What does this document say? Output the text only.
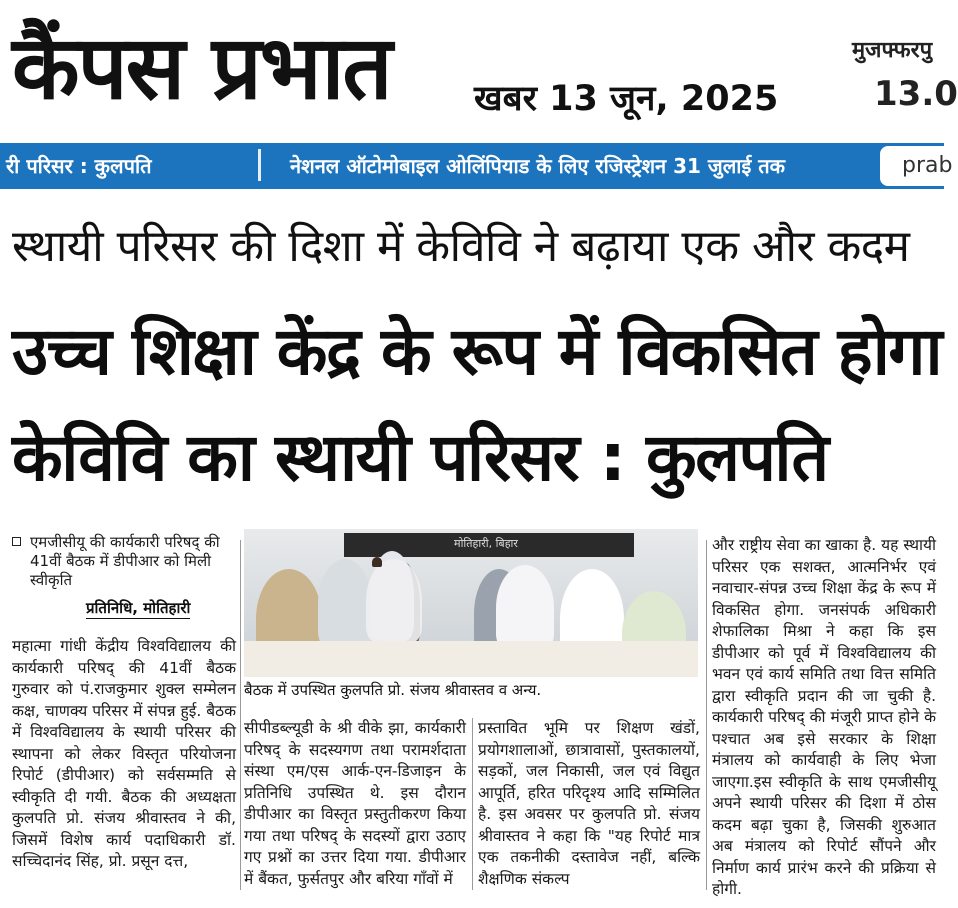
कैंपस प्रभात खबर 13 जून, 2025
मुजफ्फरपु
13.0
री परिसर : कुलपति	नेशनल ऑटोमोबाइल ओलिंपियाड के लिए रजिस्ट्रेशन 31 जुलाई तक	prab
स्थायी परिसर की दिशा में केविवि ने बढ़ाया एक और कदम
उच्च शिक्षा केंद्र के रूप में विकसित होगा
केविवि का स्थायी परिसर : कुलपति
एमजीसीयू की कार्यकारी परिषद् की 41वीं बैठक में डीपीआर को मिली स्वीकृति
प्रतिनिधि, मोतिहारी
महात्मा गांधी केंद्रीय विश्वविद्यालय की कार्यकारी परिषद् की 41वीं बैठक गुरुवार को पं.राजकुमार शुक्ल सम्मेलन कक्ष, चाणक्य परिसर में संपन्न हुई. बैठक में विश्वविद्यालय के स्थायी परिसर की स्थापना को लेकर विस्तृत परियोजना रिपोर्ट (डीपीआर) को सर्वसम्मति से स्वीकृति दी गयी. बैठक की अध्यक्षता कुलपति प्रो. संजय श्रीवास्तव ने की, जिसमें विशेष कार्य पदाधिकारी डॉ. सच्चिदानंद सिंह, प्रो. प्रसून दत्त,
मोतिहारी, बिहार
बैठक में उपस्थित कुलपति प्रो. संजय श्रीवास्तव व अन्य.
सीपीडब्ल्यूडी के श्री वीके झा, कार्यकारी परिषद् के सदस्यगण तथा परामर्शदाता संस्था एम/एस आर्क-एन-डिजाइन के प्रतिनिधि उपस्थित थे. इस दौरान डीपीआर का विस्तृत प्रस्तुतीकरण किया गया तथा परिषद् के सदस्यों द्वारा उठाए गए प्रश्नों का उत्तर दिया गया. डीपीआर में बैंकत, फुर्सतपुर और बरिया गाँवों में
प्रस्तावित भूमि पर शिक्षण खंडों, प्रयोगशालाओं, छात्रावासों, पुस्तकालयों, सड़कों, जल निकासी, जल एवं विद्युत आपूर्ति, हरित परिदृश्य आदि सम्मिलित है. इस अवसर पर कुलपति प्रो. संजय श्रीवास्तव ने कहा कि "यह रिपोर्ट मात्र एक तकनीकी दस्तावेज नहीं, बल्कि शैक्षणिक संकल्प
और राष्ट्रीय सेवा का खाका है. यह स्थायी परिसर एक सशक्त, आत्मनिर्भर एवं नवाचार-संपन्न उच्च शिक्षा केंद्र के रूप में विकसित होगा. जनसंपर्क अधिकारी शेफालिका मिश्रा ने कहा कि इस डीपीआर को पूर्व में विश्वविद्यालय की भवन एवं कार्य समिति तथा वित्त समिति द्वारा स्वीकृति प्रदान की जा चुकी है. कार्यकारी परिषद् की मंजूरी प्राप्त होने के पश्चात अब इसे सरकार के शिक्षा मंत्रालय को कार्यवाही के लिए भेजा जाएगा.इस स्वीकृति के साथ एमजीसीयू अपने स्थायी परिसर की दिशा में ठोस कदम बढ़ा चुका है, जिसकी शुरुआत अब मंत्रालय को रिपोर्ट सौंपने और निर्माण कार्य प्रारंभ करने की प्रक्रिया से होगी.
